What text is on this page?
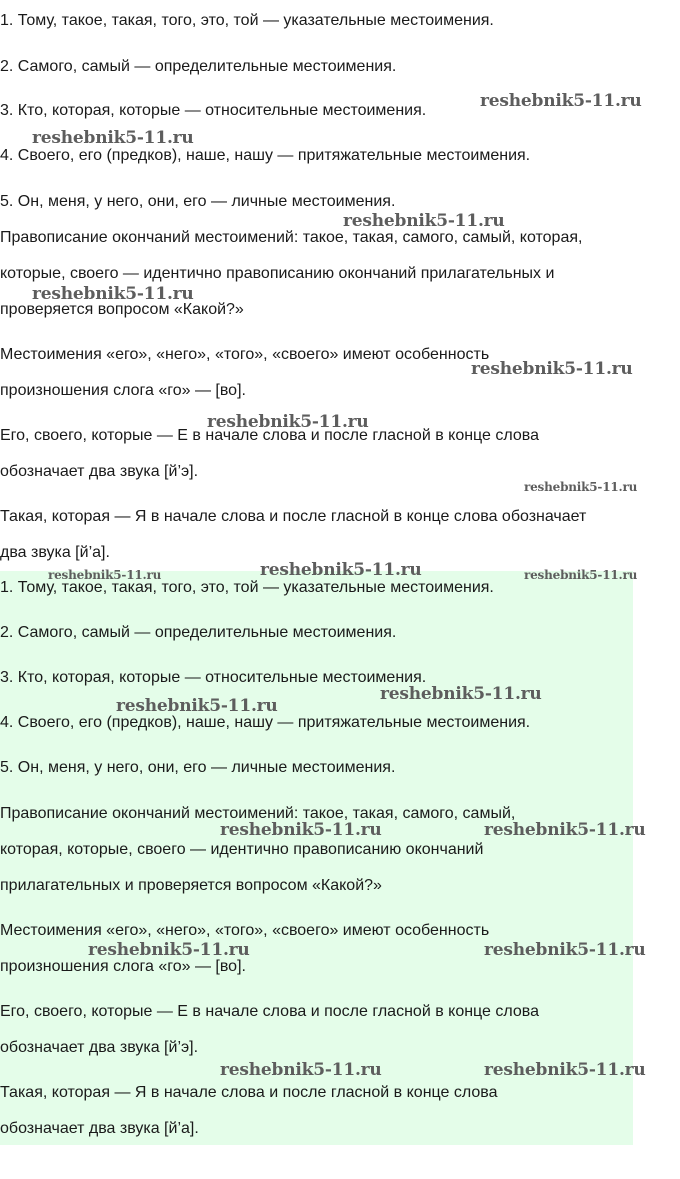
1. Тому, такое, такая, того, это, той — указательные местоимения.
2. Самого, самый — определительные местоимения.
3. Кто, которая, которые — относительные местоимения.
4. Своего, его (предков), наше, нашу — притяжательные местоимения.
5. Он, меня, у него, они, его — личные местоимения.
Правописание окончаний местоимений: такое, такая, самого, самый, которая,
которые, своего — идентично правописанию окончаний прилагательных и
проверяется вопросом «Какой?»
Местоимения «его», «него», «того», «своего» имеют особенность
произношения слога «го» — [во].
Его, своего, которые — Е в начале слова и после гласной в конце слова
обозначает два звука [й’э].
Такая, которая — Я в начале слова и после гласной в конце слова обозначает
два звука [й’а].
1. Тому, такое, такая, того, это, той — указательные местоимения.
2. Самого, самый — определительные местоимения.
3. Кто, которая, которые — относительные местоимения.
4. Своего, его (предков), наше, нашу — притяжательные местоимения.
5. Он, меня, у него, они, его — личные местоимения.
Правописание окончаний местоимений: такое, такая, самого, самый,
которая, которые, своего — идентично правописанию окончаний
прилагательных и проверяется вопросом «Какой?»
Местоимения «его», «него», «того», «своего» имеют особенность
произношения слога «го» — [во].
Его, своего, которые — Е в начале слова и после гласной в конце слова
обозначает два звука [й’э].
Такая, которая — Я в начале слова и после гласной в конце слова
обозначает два звука [й’а].
reshebnik5-11.ru
reshebnik5-11.ru
reshebnik5-11.ru
reshebnik5-11.ru
reshebnik5-11.ru
reshebnik5-11.ru
reshebnik5-11.ru
reshebnik5-11.ru	reshebnik5-11.ru	reshebnik5-11.ru
reshebnik5-11.ru
reshebnik5-11.ru
reshebnik5-11.ru	reshebnik5-11.ru
reshebnik5-11.ru	reshebnik5-11.ru
reshebnik5-11.ru	reshebnik5-11.ru
